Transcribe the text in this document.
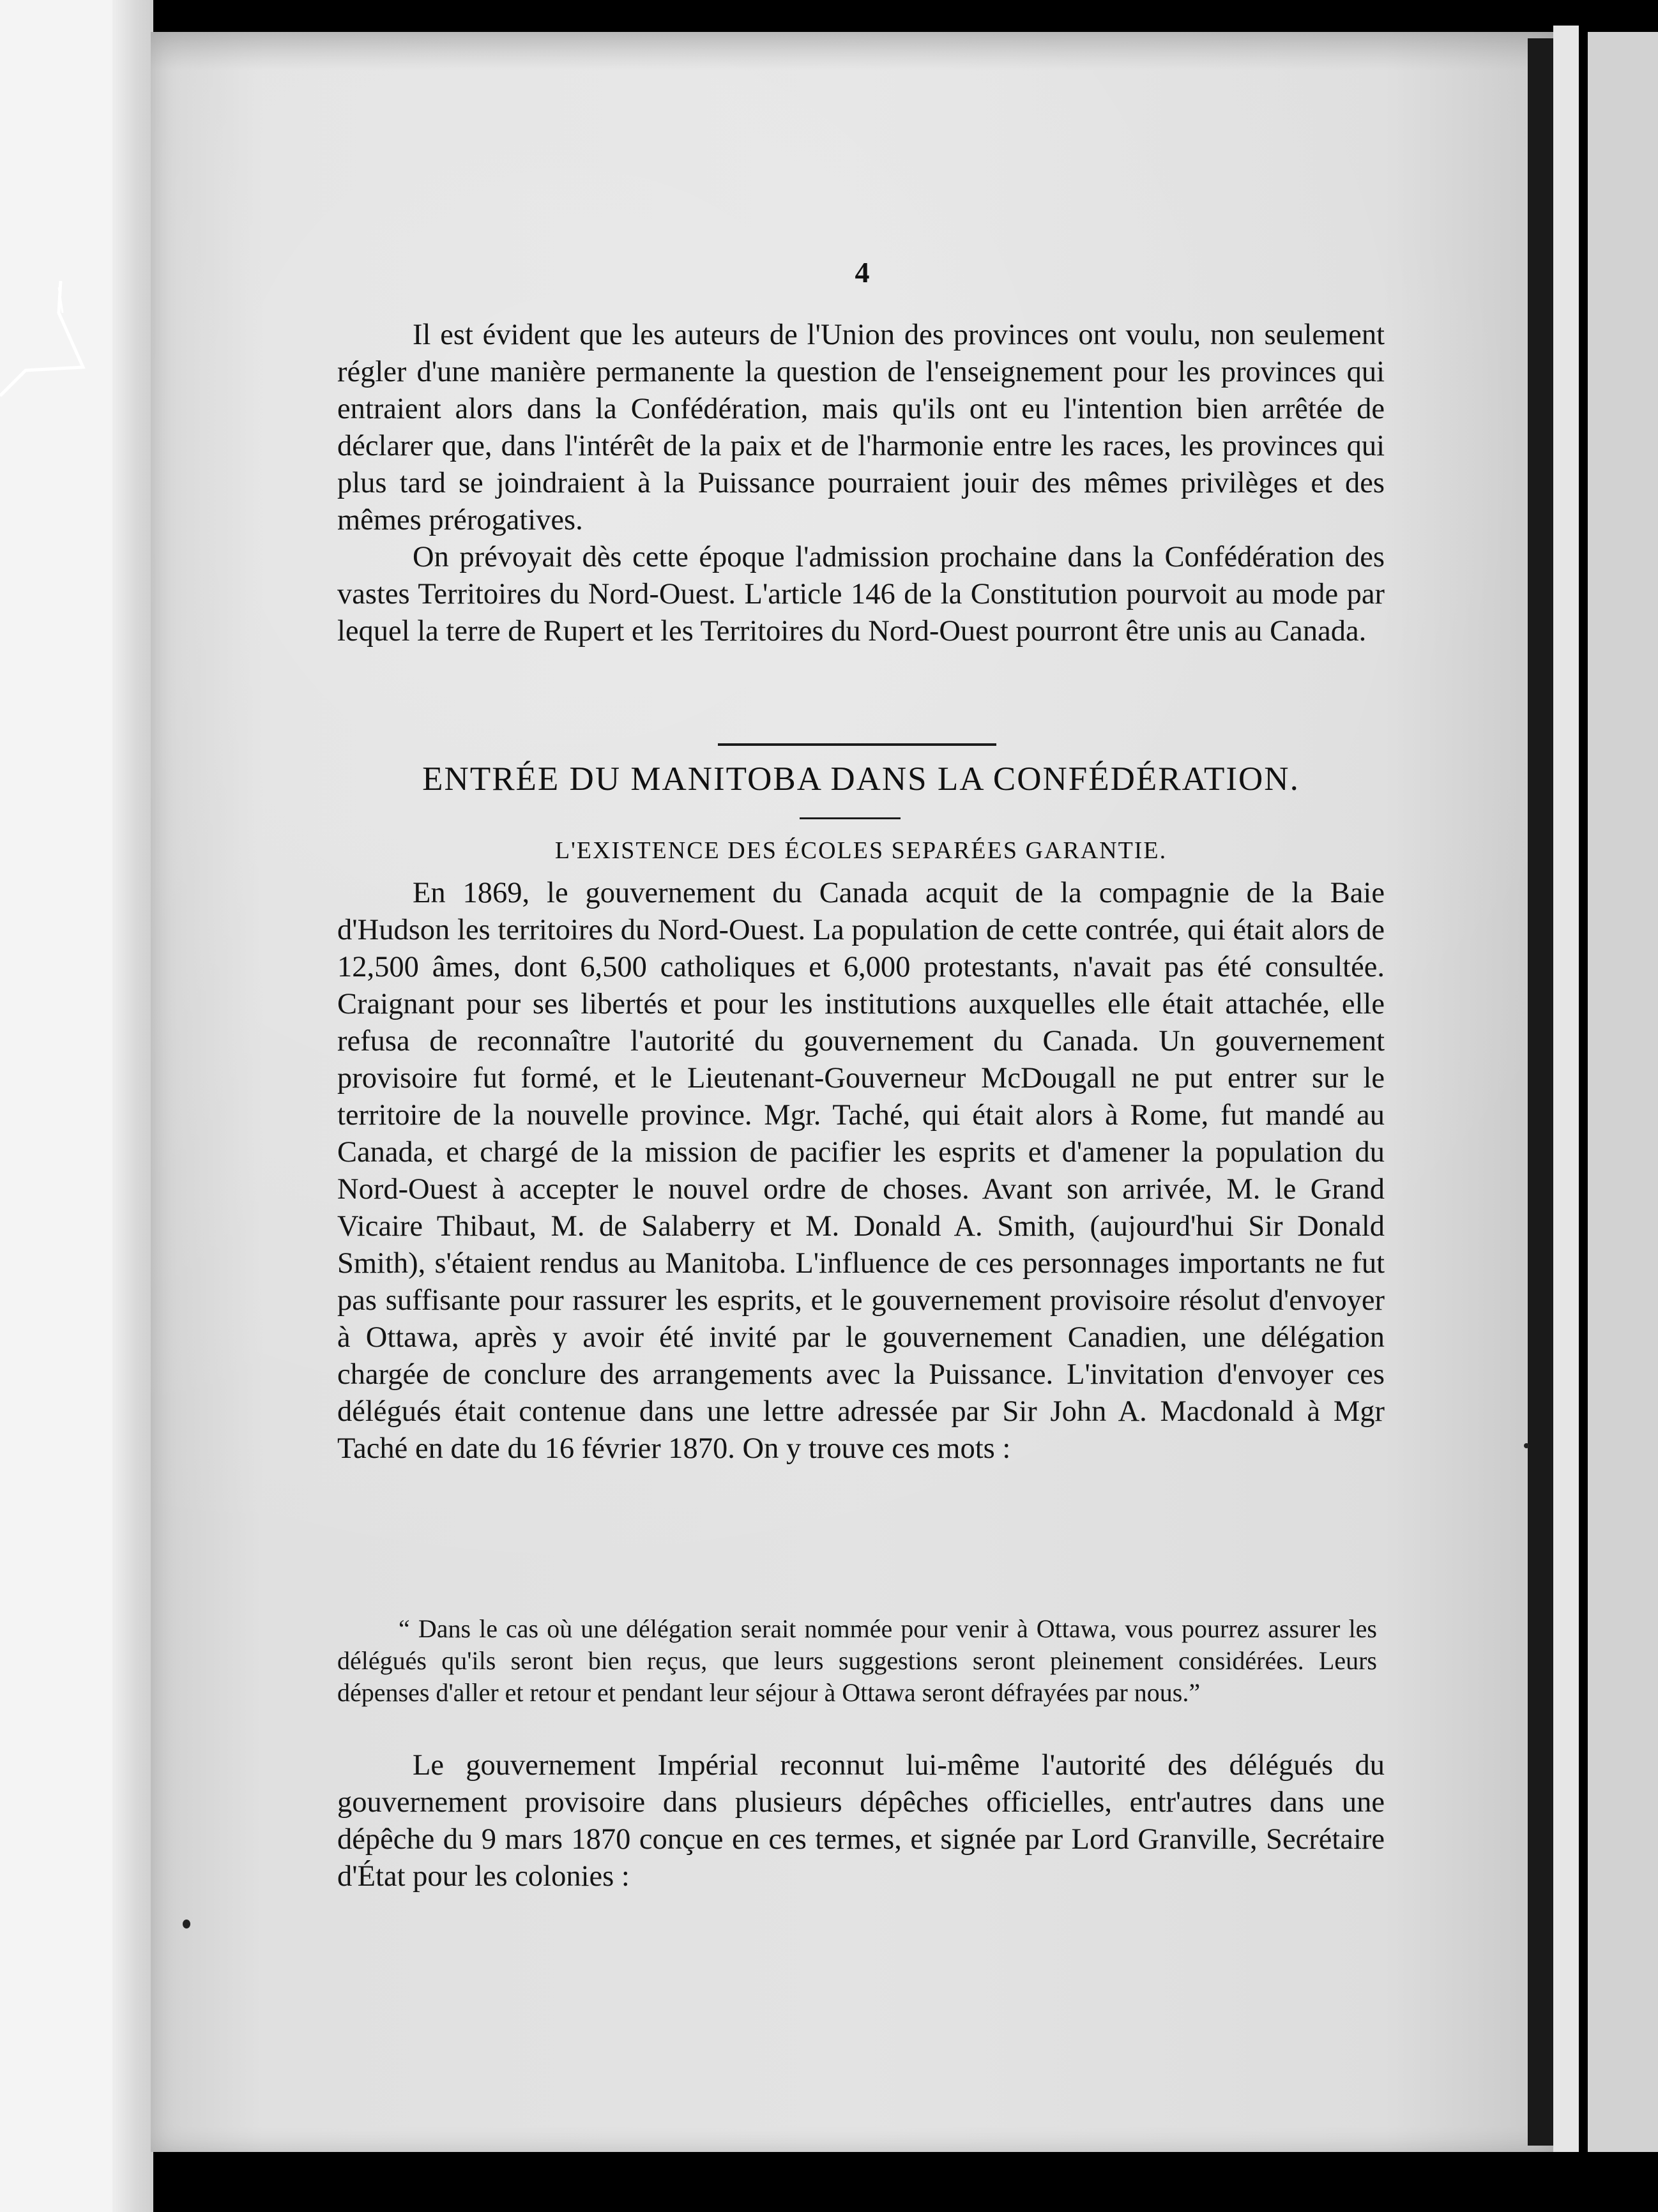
4

Il est évident que les auteurs de l'Union des provinces ont voulu, non seulement régler d'une manière permanente la question de l'enseignement pour les provinces qui entraient alors dans la Confédération, mais qu'ils ont eu l'intention bien arrêtée de déclarer que, dans l'intérêt de la paix et de l'harmonie entre les races, les provinces qui plus tard se joindraient à la Puissance pourraient jouir des mêmes privilèges et des mêmes prérogatives.

On prévoyait dès cette époque l'admission prochaine dans la Confédération des vastes Territoires du Nord-Ouest. L'article 146 de la Constitution pourvoit au mode par lequel la terre de Rupert et les Territoires du Nord-Ouest pourront être unis au Canada.

ENTRÉE DU MANITOBA DANS LA CONFÉDÉRATION.
L'EXISTENCE DES ÉCOLES SEPARÉES GARANTIE.

En 1869, le gouvernement du Canada acquit de la compagnie de la Baie d'Hudson les territoires du Nord-Ouest. La population de cette contrée, qui était alors de 12,500 âmes, dont 6,500 catholiques et 6,000 protestants, n'avait pas été consultée. Craignant pour ses libertés et pour les institutions auxquelles elle était attachée, elle refusa de reconnaître l'autorité du gouvernement du Canada. Un gouvernement provisoire fut formé, et le Lieutenant-Gouverneur McDougall ne put entrer sur le territoire de la nouvelle province. Mgr. Taché, qui était alors à Rome, fut mandé au Canada, et chargé de la mission de pacifier les esprits et d'amener la population du Nord-Ouest à accepter le nouvel ordre de choses. Avant son arrivée, M. le Grand Vicaire Thibaut, M. de Salaberry et M. Donald A. Smith, (aujourd'hui Sir Donald Smith), s'étaient rendus au Manitoba. L'influence de ces personnages importants ne fut pas suffisante pour rassurer les esprits, et le gouvernement provisoire résolut d'envoyer à Ottawa, après y avoir été invité par le gouvernement Canadien, une délégation chargée de conclure des arrangements avec la Puissance. L'invitation d'envoyer ces délégués était contenue dans une lettre adressée par Sir John A. Macdonald à Mgr Taché en date du 16 février 1870. On y trouve ces mots :

“ Dans le cas où une délégation serait nommée pour venir à Ottawa, vous pourrez assurer les délégués qu'ils seront bien reçus, que leurs suggestions seront pleinement considérées. Leurs dépenses d'aller et retour et pendant leur séjour à Ottawa seront défrayées par nous.”

Le gouvernement Impérial reconnut lui-même l'autorité des délégués du gouvernement provisoire dans plusieurs dépêches officielles, entr'autres dans une dépêche du 9 mars 1870 conçue en ces termes, et signée par Lord Granville, Secrétaire d'État pour les colonies :
